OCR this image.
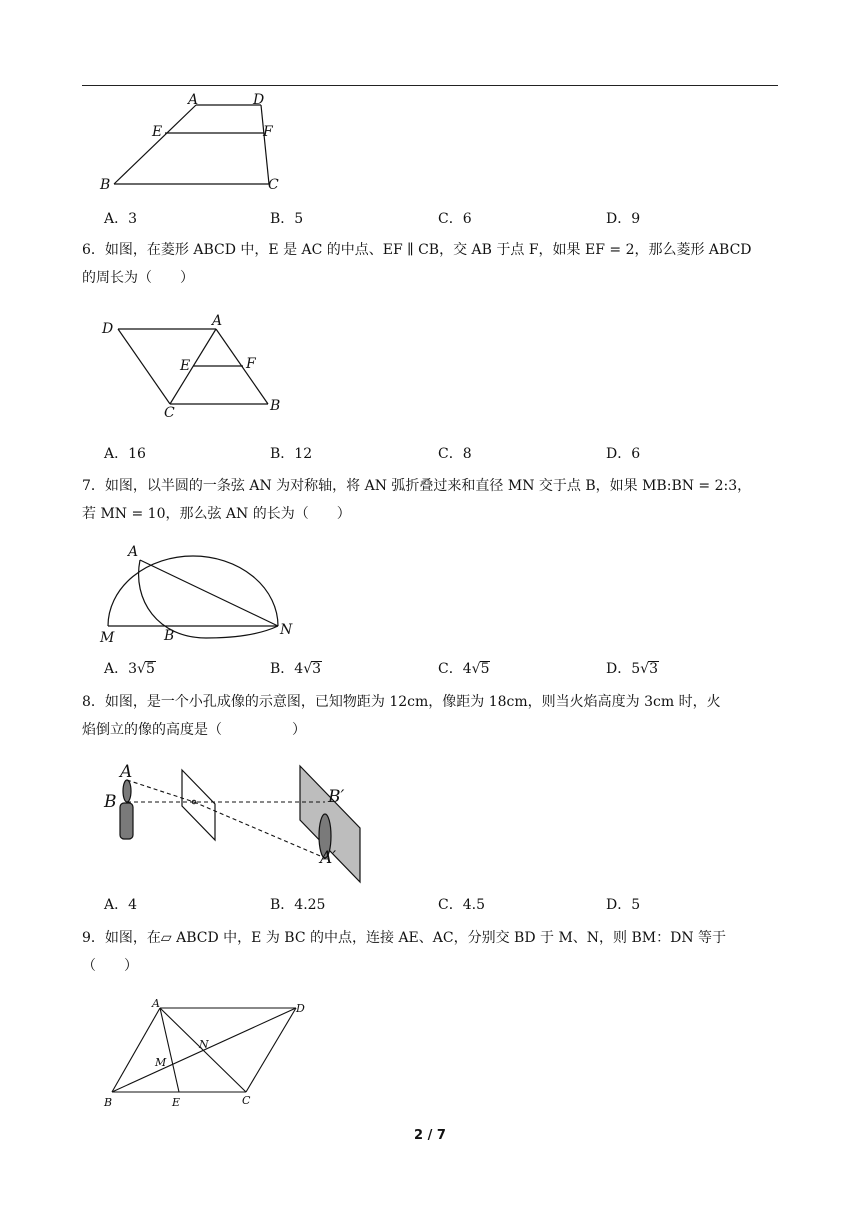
A	D
E	F
B	C
A．3	B．5	C．6	D．9
6．如图，在菱形 ABCD 中，E 是 AC 的中点、EF ∥ CB，交 AB 于点 F，如果 EF = 2，那么菱形 ABCD
的周长为（　　）
D	A
E	F
C	B
A．16	B．12	C．8	D．6
7．如图，以半圆的一条弦 AN 为对称轴，将 AN 弧折叠过来和直径 MN 交于点 B，如果 MB:BN = 2:3，
若 MN = 10，那么弦 AN 的长为（　　）
A
M	B	N
A．3√5	B．4√3	C．4√5	D．5√3
8．如图，是一个小孔成像的示意图，已知物距为 12cm，像距为 18cm，则当火焰高度为 3cm 时，火
焰倒立的像的高度是（　　　　　）
A
B	B′
A′
A．4	B．4.25	C．4.5	D．5
9．如图，在▱ ABCD 中，E 为 BC 的中点，连接 AE、AC，分别交 BD 于 M、N，则 BM：DN 等于
（　　）
A	D
N
M
B	E	C
2 / 7
